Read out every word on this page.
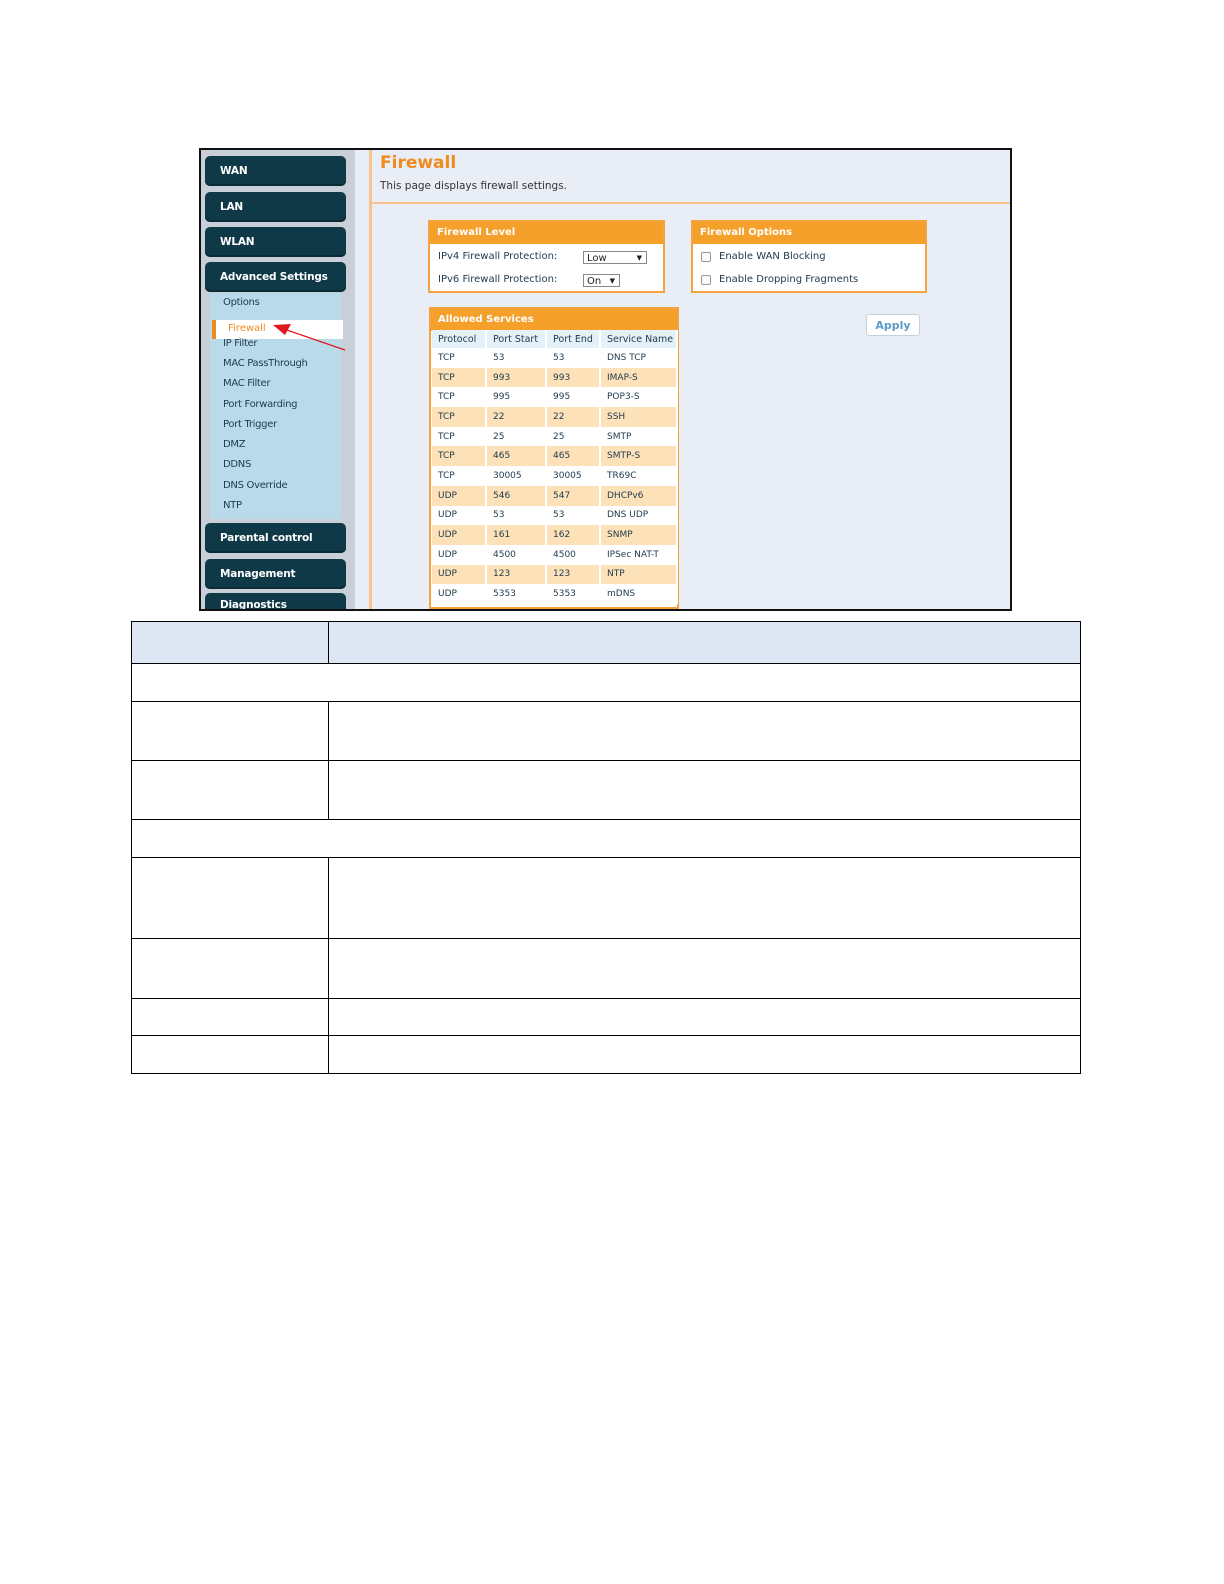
WAN
LAN
WLAN
Advanced Settings
Options
Firewall
IP Filter
MAC PassThrough
MAC Filter
Port Forwarding
Port Trigger
DMZ
DDNS
DNS Override
NTP
Parental control
Management
Diagnostics
Firewall
This page displays firewall settings.
Firewall Level
IPv4 Firewall Protection:	Low	▼
IPv6 Firewall Protection:	On ▼
Firewall Options
Enable WAN Blocking
Enable Dropping Fragments
Allowed Services
Protocol	Port Start	Port End	Service Name
TCP	53	53	DNS TCP
TCP	993	993	IMAP-S
TCP	995	995	POP3-S
TCP	22	22	SSH
TCP	25	25	SMTP
TCP	465	465	SMTP-S
TCP	30005	30005	TR69C
UDP	546	547	DHCPv6
UDP	53	53	DNS UDP
UDP	161	162	SNMP
UDP	4500	4500	IPSec NAT-T
UDP	123	123	NTP
UDP	5353	5353	mDNS
Apply
